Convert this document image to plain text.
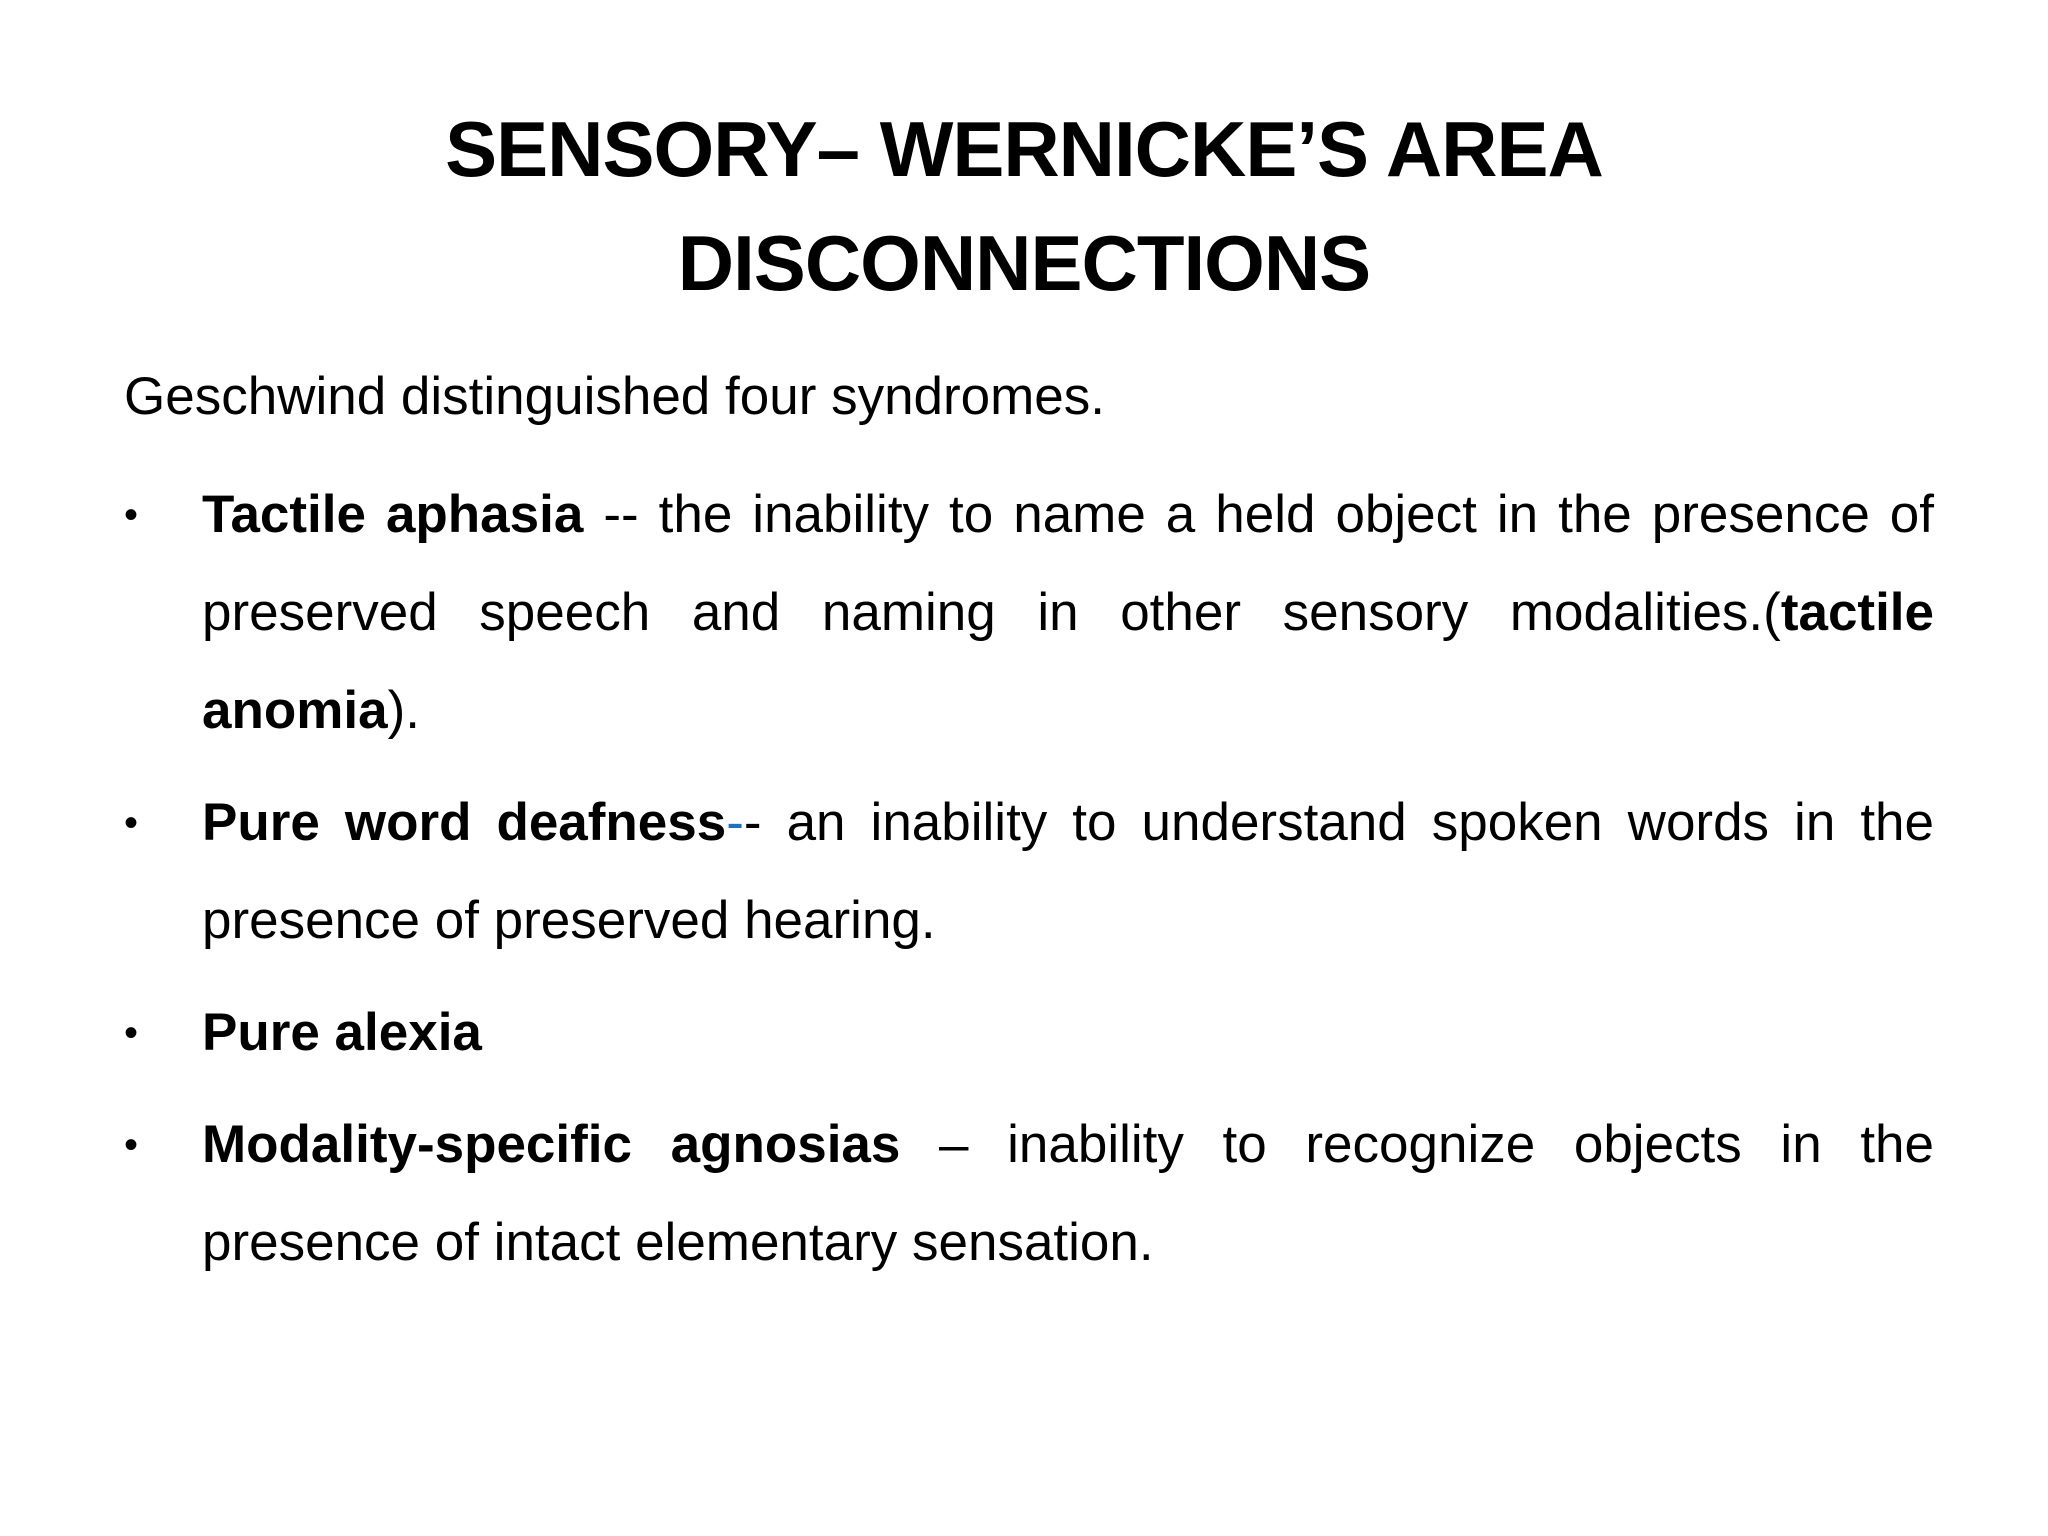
SENSORY– WERNICKE’S AREA
DISCONNECTIONS
Geschwind distinguished four syndromes.
• Tactile aphasia -- the inability to name a held object in the presence of preserved speech and naming in other sensory modalities.(tactile anomia).
• Pure word deafness-- an inability to understand spoken words in the presence of preserved hearing.
• Pure alexia
• Modality-specific agnosias – inability to recognize objects in the presence of intact elementary sensation.
